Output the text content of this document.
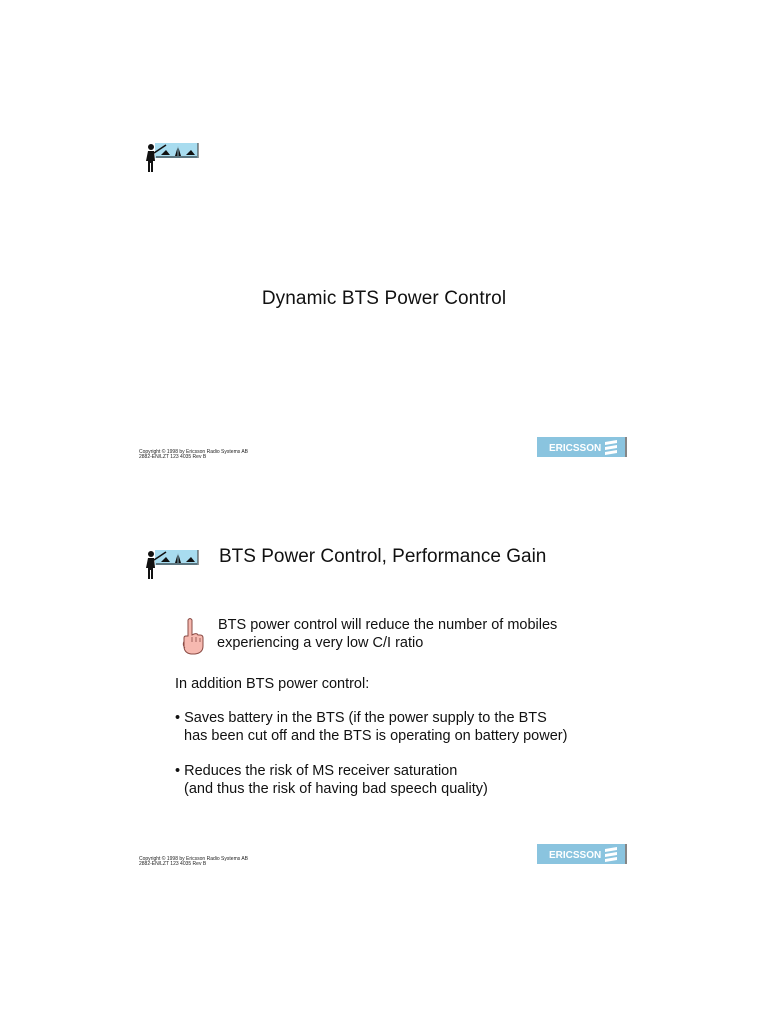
Dynamic BTS Power Control
Copyright © 1998 by Ericsson Radio Systems AB
2882-EN/LZT 123 4035 Rev B
ERICSSON
BTS Power Control, Performance Gain
BTS power control will reduce the number of mobiles
experiencing a very low C/I ratio
In addition BTS power control:
• Saves battery in the BTS (if the power supply to the BTS
has been cut off and the BTS is operating on battery power)
• Reduces the risk of MS receiver saturation
(and thus the risk of having bad speech quality)
Copyright © 1998 by Ericsson Radio Systems AB
2882-EN/LZT 123 4035 Rev B
ERICSSON
